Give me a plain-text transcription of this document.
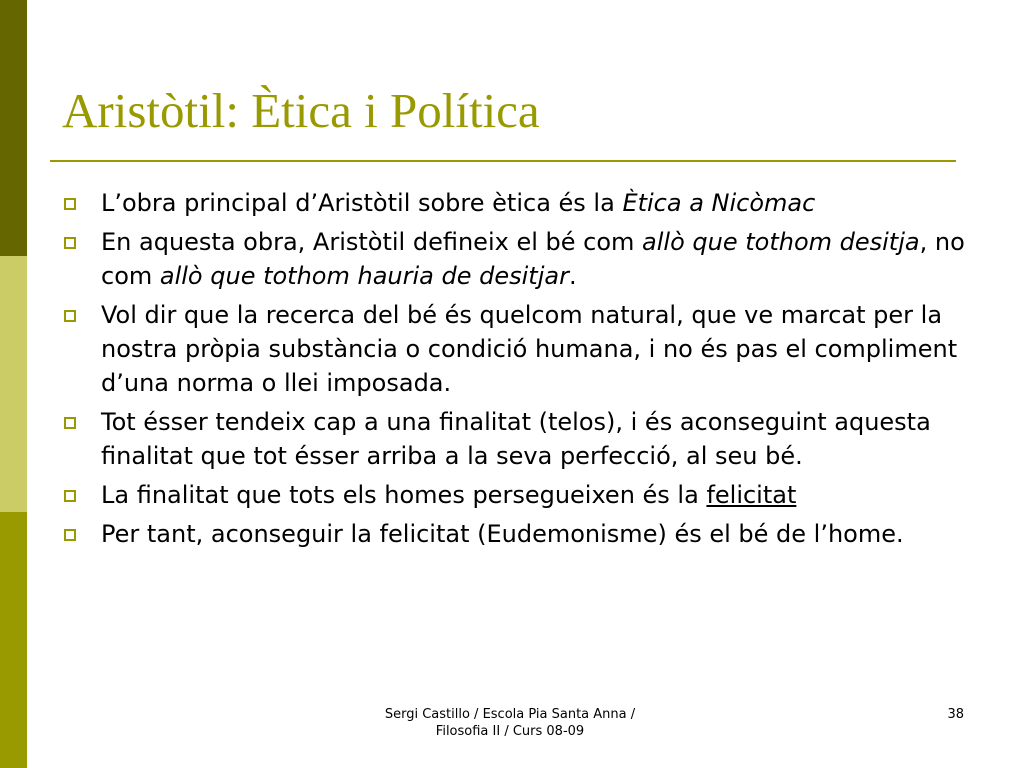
Aristòtil: Ètica i Política
L’obra principal d’Aristòtil sobre ètica és la Ètica a Nicòmac
En aquesta obra, Aristòtil defineix el bé com allò que tothom desitja, no com allò que tothom hauria de desitjar.
Vol dir que la recerca del bé és quelcom natural, que ve marcat per la nostra pròpia substància o condició humana, i no és pas el compliment d’una norma o llei imposada.
Tot ésser tendeix cap a una finalitat (telos), i és aconseguint aquesta finalitat que tot ésser arriba a la seva perfecció, al seu bé.
La finalitat que tots els homes persegueixen és la felicitat
Per tant, aconseguir la felicitat (Eudemonisme) és el bé de l’home.
Sergi Castillo / Escola Pia Santa Anna /
Filosofia II / Curs 08-09
38
